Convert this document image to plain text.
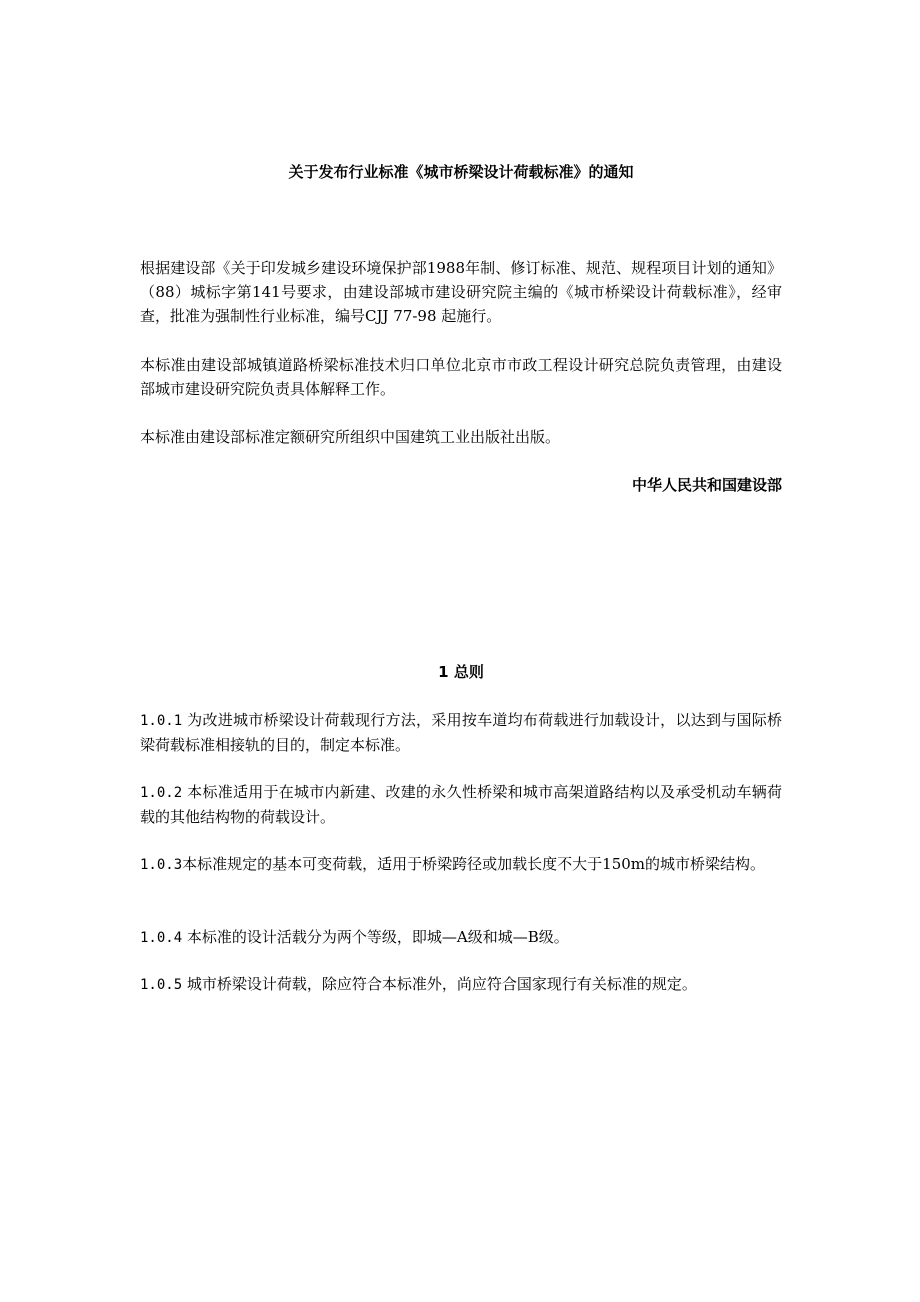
关于发布行业标准《城市桥梁设计荷载标准》的通知

根据建设部《关于印发城乡建设环境保护部1988年制、修订标准、规范、规程项目计划的通知》（88）城标字第141号要求，由建设部城市建设研究院主编的《城市桥梁设计荷载标准》，经审查，批准为强制性行业标准，编号CJJ 77-98 起施行。

本标准由建设部城镇道路桥梁标准技术归口单位北京市市政工程设计研究总院负责管理，由建设部城市建设研究院负责具体解释工作。

本标准由建设部标准定额研究所组织中国建筑工业出版社出版。

中华人民共和国建设部

1 总则

1.0.1 为改进城市桥梁设计荷载现行方法，采用按车道均布荷载进行加载设计，以达到与国际桥梁荷载标准相接轨的目的，制定本标准。

1.0.2 本标准适用于在城市内新建、改建的永久性桥梁和城市高架道路结构以及承受机动车辆荷载的其他结构物的荷载设计。

1.0.3本标准规定的基本可变荷载，适用于桥梁跨径或加载长度不大于150m的城市桥梁结构。

1.0.4 本标准的设计活载分为两个等级，即城—A级和城—B级。

1.0.5 城市桥梁设计荷载，除应符合本标准外，尚应符合国家现行有关标准的规定。
